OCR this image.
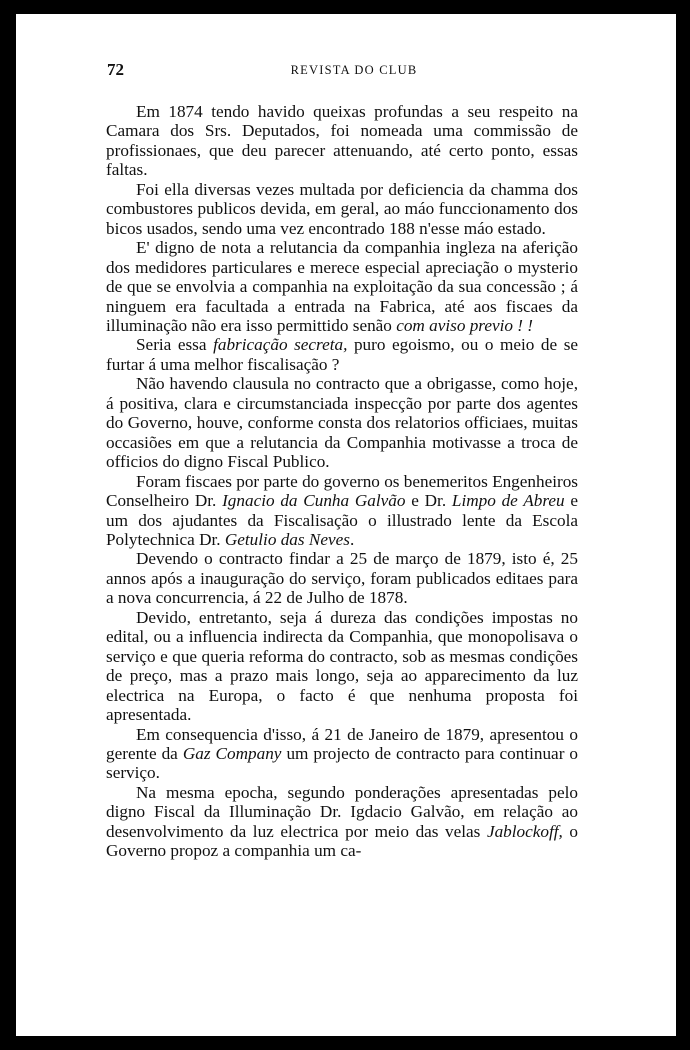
72	REVISTA DO CLUB

Em 1874 tendo havido queixas profundas a seu respeito na Camara dos Srs. Deputados, foi nomeada uma commissão de profissionaes, que deu parecer attenuando, até certo ponto, essas faltas.

Foi ella diversas vezes multada por deficiencia da chamma dos combustores publicos devida, em geral, ao máo funccionamento dos bicos usados, sendo uma vez encontrado 188 n'esse máo estado.

E' digno de nota a relutancia da companhia ingleza na aferição dos medidores particulares e merece especial apreciação o mysterio de que se envolvia a companhia na exploitação da sua concessão ; á ninguem era facultada a entrada na Fabrica, até aos fiscaes da illuminação não era isso permittido senão com aviso previo ! !

Seria essa fabricação secreta, puro egoismo, ou o meio de se furtar á uma melhor fiscalisação ?

Não havendo clausula no contracto que a obrigasse, como hoje, á positiva, clara e circumstanciada inspecção por parte dos agentes do Governo, houve, conforme consta dos relatorios officiaes, muitas occasiões em que a relutancia da Companhia motivasse a troca de officios do digno Fiscal Publico.

Foram fiscaes por parte do governo os benemeritos Engenheiros Conselheiro Dr. Ignacio da Cunha Galvão e Dr. Limpo de Abreu e um dos ajudantes da Fiscalisação o illustrado lente da Escola Polytechnica Dr. Getulio das Neves.

Devendo o contracto findar a 25 de março de 1879, isto é, 25 annos após a inauguração do serviço, foram publicados editaes para a nova concurrencia, á 22 de Julho de 1878.

Devido, entretanto, seja á dureza das condições impostas no edital, ou a influencia indirecta da Companhia, que monopolisava o serviço e que queria reforma do contracto, sob as mesmas condições de preço, mas a prazo mais longo, seja ao apparecimento da luz electrica na Europa, o facto é que nenhuma proposta foi apresentada.

Em consequencia d'isso, á 21 de Janeiro de 1879, apresentou o gerente da Gaz Company um projecto de contracto para continuar o serviço.

Na mesma epocha, segundo ponderações apresentadas pelo digno Fiscal da Illuminação Dr. Igdacio Galvão, em relação ao desenvolvimento da luz electrica por meio das velas Jablockoff, o Governo propoz a companhia um ca-
